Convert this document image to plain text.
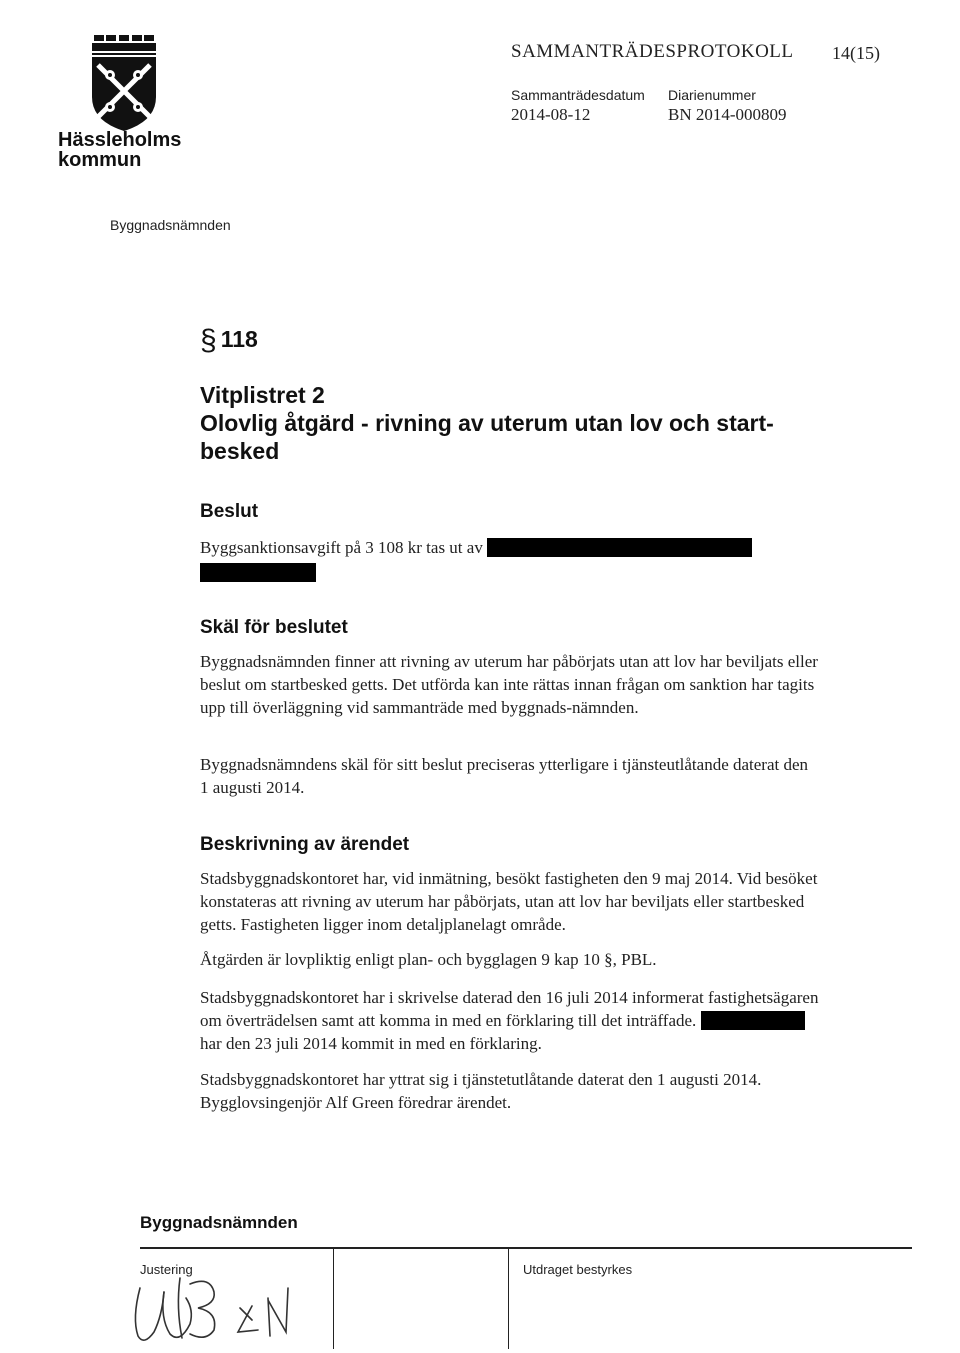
Hässleholms
kommun
SAMMANTRÄDESPROTOKOLL 14(15)
Sammanträdesdatum
2014-08-12
Diarienummer
BN 2014-000809
Byggnadsnämnden
§ 118
Vitplistret 2
Olovlig åtgärd - rivning av uterum utan lov och start-
besked
Beslut

Byggsanktionsavgift på 3 108 kr tas ut av

Skäl för beslutet

Byggnadsnämnden finner att rivning av uterum har påbörjats utan att lov har beviljats eller beslut om startbesked getts. Det utförda kan inte rättas innan frågan om sanktion har tagits upp till överläggning vid sammanträde med byggnads-nämnden.

Byggnadsnämndens skäl för sitt beslut preciseras ytterligare i tjänsteutlåtande daterat den 1 augusti 2014.

Beskrivning av ärendet

Stadsbyggnadskontoret har, vid inmätning, besökt fastigheten den 9 maj 2014. Vid besöket konstateras att rivning av uterum har påbörjats, utan att lov har beviljats eller startbesked getts. Fastigheten ligger inom detaljplanelagt område.

Åtgärden är lovpliktig enligt plan- och bygglagen 9 kap 10 §, PBL.

Stadsbyggnadskontoret har i skrivelse daterad den 16 juli 2014 informerat fastighetsägaren om överträdelsen samt att komma in med en förklaring till det inträffade.  har den 23 juli 2014 kommit in med en förklaring.

Stadsbyggnadskontoret har yttrat sig i tjänstetutlåtande daterat den 1 augusti 2014. Bygglovsingenjör Alf Green föredrar ärendet.

Byggnadsnämnden
Justering	Utdraget bestyrkes
